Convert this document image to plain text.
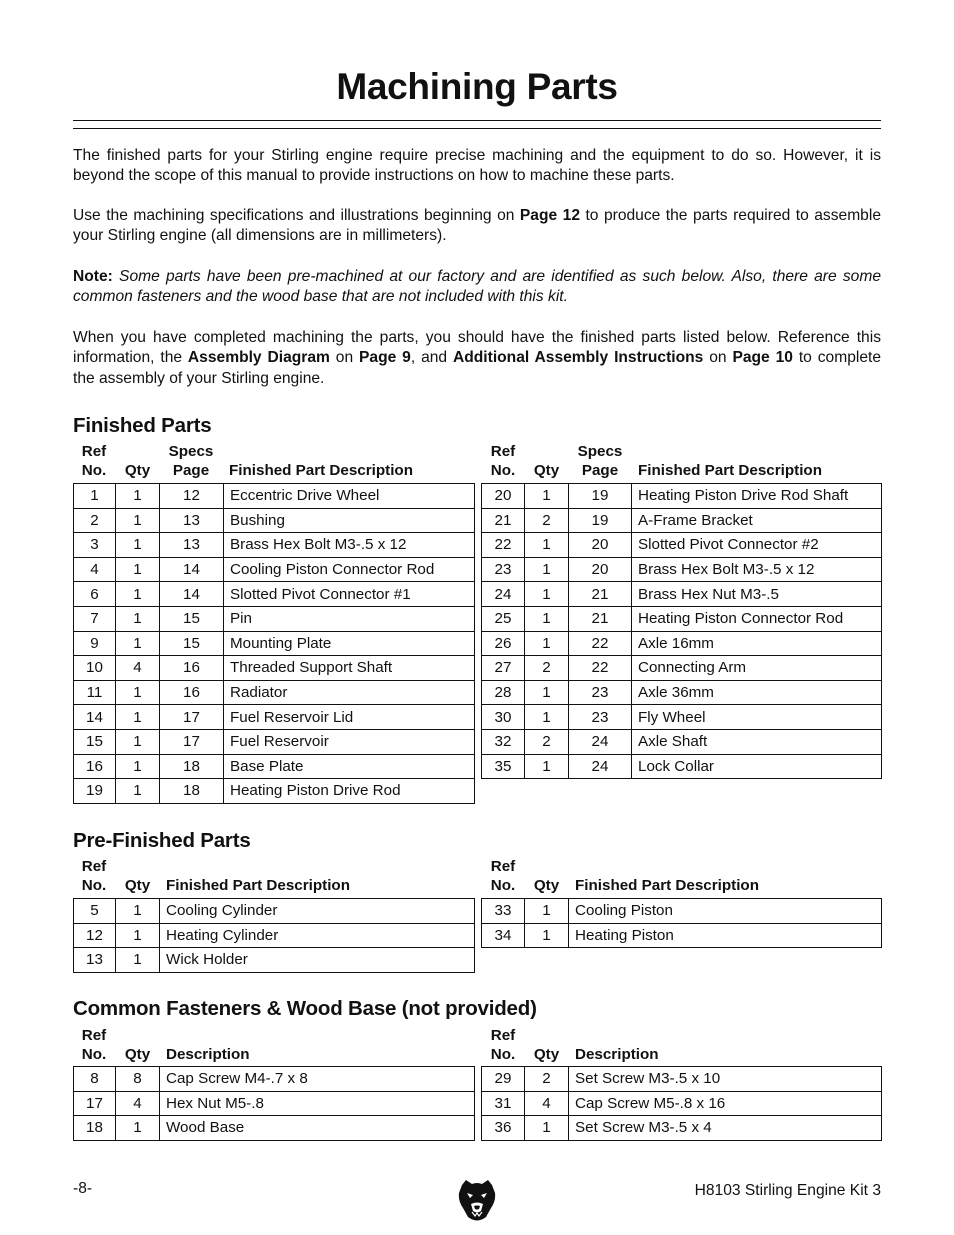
Machining Parts

The finished parts for your Stirling engine require precise machining and the equipment to do so. However, it is beyond the scope of this manual to provide instructions on how to machine these parts.

Use the machining specifications and illustrations beginning on Page 12 to produce the parts required to assemble your Stirling engine (all dimensions are in millimeters).

Note: Some parts have been pre-machined at our factory and are identified as such below. Also, there are some common fasteners and the wood base that are not included with this kit.

When you have completed machining the parts, you should have the finished parts listed below. Reference this information, the Assembly Diagram on Page 9, and Additional Assembly Instructions on Page 10 to complete the assembly of your Stirling engine.

Finished Parts
Ref
No.	Qty
Specs
Page	Finished Part Description
Ref
No.	Qty
Specs
Page	Finished Part Description
1	1	12	Eccentric Drive Wheel
2	1	13	Bushing
3	1	13	Brass Hex Bolt M3-.5 x 12
4	1	14	Cooling Piston Connector Rod
6	1	14	Slotted Pivot Connector #1
7	1	15	Pin
9	1	15	Mounting Plate
10	4	16	Threaded Support Shaft
11	1	16	Radiator
14	1	17	Fuel Reservoir Lid
15	1	17	Fuel Reservoir
16	1	18	Base Plate
19	1	18	Heating Piston Drive Rod
20	1	19	Heating Piston Drive Rod Shaft
21	2	19	A-Frame Bracket
22	1	20	Slotted Pivot Connector #2
23	1	20	Brass Hex Bolt M3-.5 x 12
24	1	21	Brass Hex Nut M3-.5
25	1	21	Heating Piston Connector Rod
26	1	22	Axle 16mm
27	2	22	Connecting Arm
28	1	23	Axle 36mm
30	1	23	Fly Wheel
32	2	24	Axle Shaft
35	1	24	Lock Collar
Pre-Finished Parts
Ref
No.	Qty	Finished Part Description
Ref
No.	Qty	Finished Part Description
5	1	Cooling Cylinder
12	1	Heating Cylinder
13	1	Wick Holder
33	1	Cooling Piston
34	1	Heating Piston
Common Fasteners & Wood Base (not provided)
Ref
No.	Qty	Description
Ref
No.	Qty	Description
8	8	Cap Screw M4-.7 x 8
17	4	Hex Nut M5-.8
18	1	Wood Base
29	2	Set Screw M3-.5 x 10
31	4	Cap Screw M5-.8 x 16
36	1	Set Screw M3-.5 x 4
-8-	H8103 Stirling Engine Kit 3
